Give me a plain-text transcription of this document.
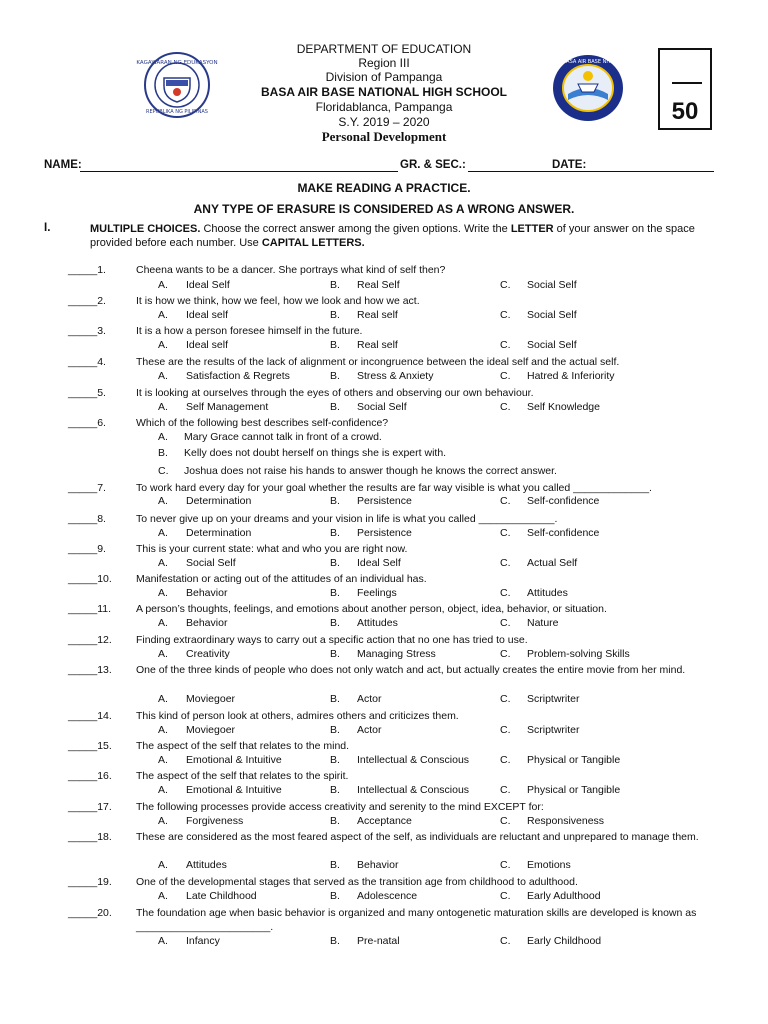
KAGAWARAN NG EDUKASYON
REPUBLIKA NG PILIPINAS
DEPARTMENT OF EDUCATION
Region III
Division of Pampanga
BASA AIR BASE NATIONAL HIGH SCHOOL
Floridablanca, Pampanga
S.Y. 2019 – 2020
Personal Development
BASA AIR BASE NHS
50
NAME:	GR. & SEC.:	DATE:
MAKE READING A PRACTICE.
ANY TYPE OF ERASURE IS CONSIDERED AS A WRONG ANSWER.
I.	MULTIPLE CHOICES. Choose the correct answer among the given options. Write the LETTER of your answer on the space provided before each number. Use CAPITAL LETTERS.
_____1.	Cheena wants to be a dancer. She portrays what kind of self then?
A. Ideal Self	B. Real Self	C. Social Self
_____2.	It is how we think, how we feel, how we look and how we act.
A. Ideal self	B. Real self	C. Social Self
_____3.	It is a how a person foresee himself in the future.
A. Ideal self	B. Real self	C. Social Self
_____4.	These are the results of the lack of alignment or incongruence between the ideal self and the actual self.
A. Satisfaction & Regrets	B. Stress & Anxiety	C. Hatred & Inferiority
_____5.	It is looking at ourselves through the eyes of others and observing our own behaviour.
A. Self Management	B. Social Self	C. Self Knowledge
_____6.	Which of the following best describes self-confidence?
A. Mary Grace cannot talk in front of a crowd.
B. Kelly does not doubt herself on things she is expert with.
C. Joshua does not raise his hands to answer though he knows the correct answer.
_____7.	To work hard every day for your goal whether the results are far way visible is what you called _____________.
A. Determination	B. Persistence	C. Self-confidence
_____8.	To never give up on your dreams and your vision in life is what you called _____________.
A. Determination	B. Persistence	C. Self-confidence
_____9.	This is your current state: what and who you are right now.
A. Social Self	B. Ideal Self	C. Actual Self
_____10. Manifestation or acting out of the attitudes of an individual has.
A. Behavior	B. Feelings	C. Attitudes
_____11. A person’s thoughts, feelings, and emotions about another person, object, idea, behavior, or situation.
A. Behavior	B. Attitudes	C. Nature
_____12. Finding extraordinary ways to carry out a specific action that no one has tried to use.
A. Creativity	B. Managing Stress	C. Problem-solving Skills
_____13. One of the three kinds of people who does not only watch and act, but actually creates the entire movie from her mind.
A. Moviegoer	B. Actor	C. Scriptwriter
_____14. This kind of person look at others, admires others and criticizes them.
A. Moviegoer	B. Actor	C. Scriptwriter
_____15. The aspect of the self that relates to the mind.
A. Emotional & Intuitive	B. Intellectual & Conscious	C. Physical or Tangible
_____16. The aspect of the self that relates to the spirit.
A. Emotional & Intuitive	B. Intellectual & Conscious	C. Physical or Tangible
_____17. The following processes provide access creativity and serenity to the mind EXCEPT for:
A. Forgiveness	B. Acceptance	C. Responsiveness
_____18. These are considered as the most feared aspect of the self, as individuals are reluctant and unprepared to manage them.
A. Attitudes	B. Behavior	C. Emotions
_____19. One of the developmental stages that served as the transition age from childhood to adulthood.
A. Late Childhood	B. Adolescence	C. Early Adulthood
_____20. The foundation age when basic behavior is organized and many ontogenetic maturation skills are developed is known as _______________________.
A. Infancy	B. Pre-natal	C. Early Childhood
